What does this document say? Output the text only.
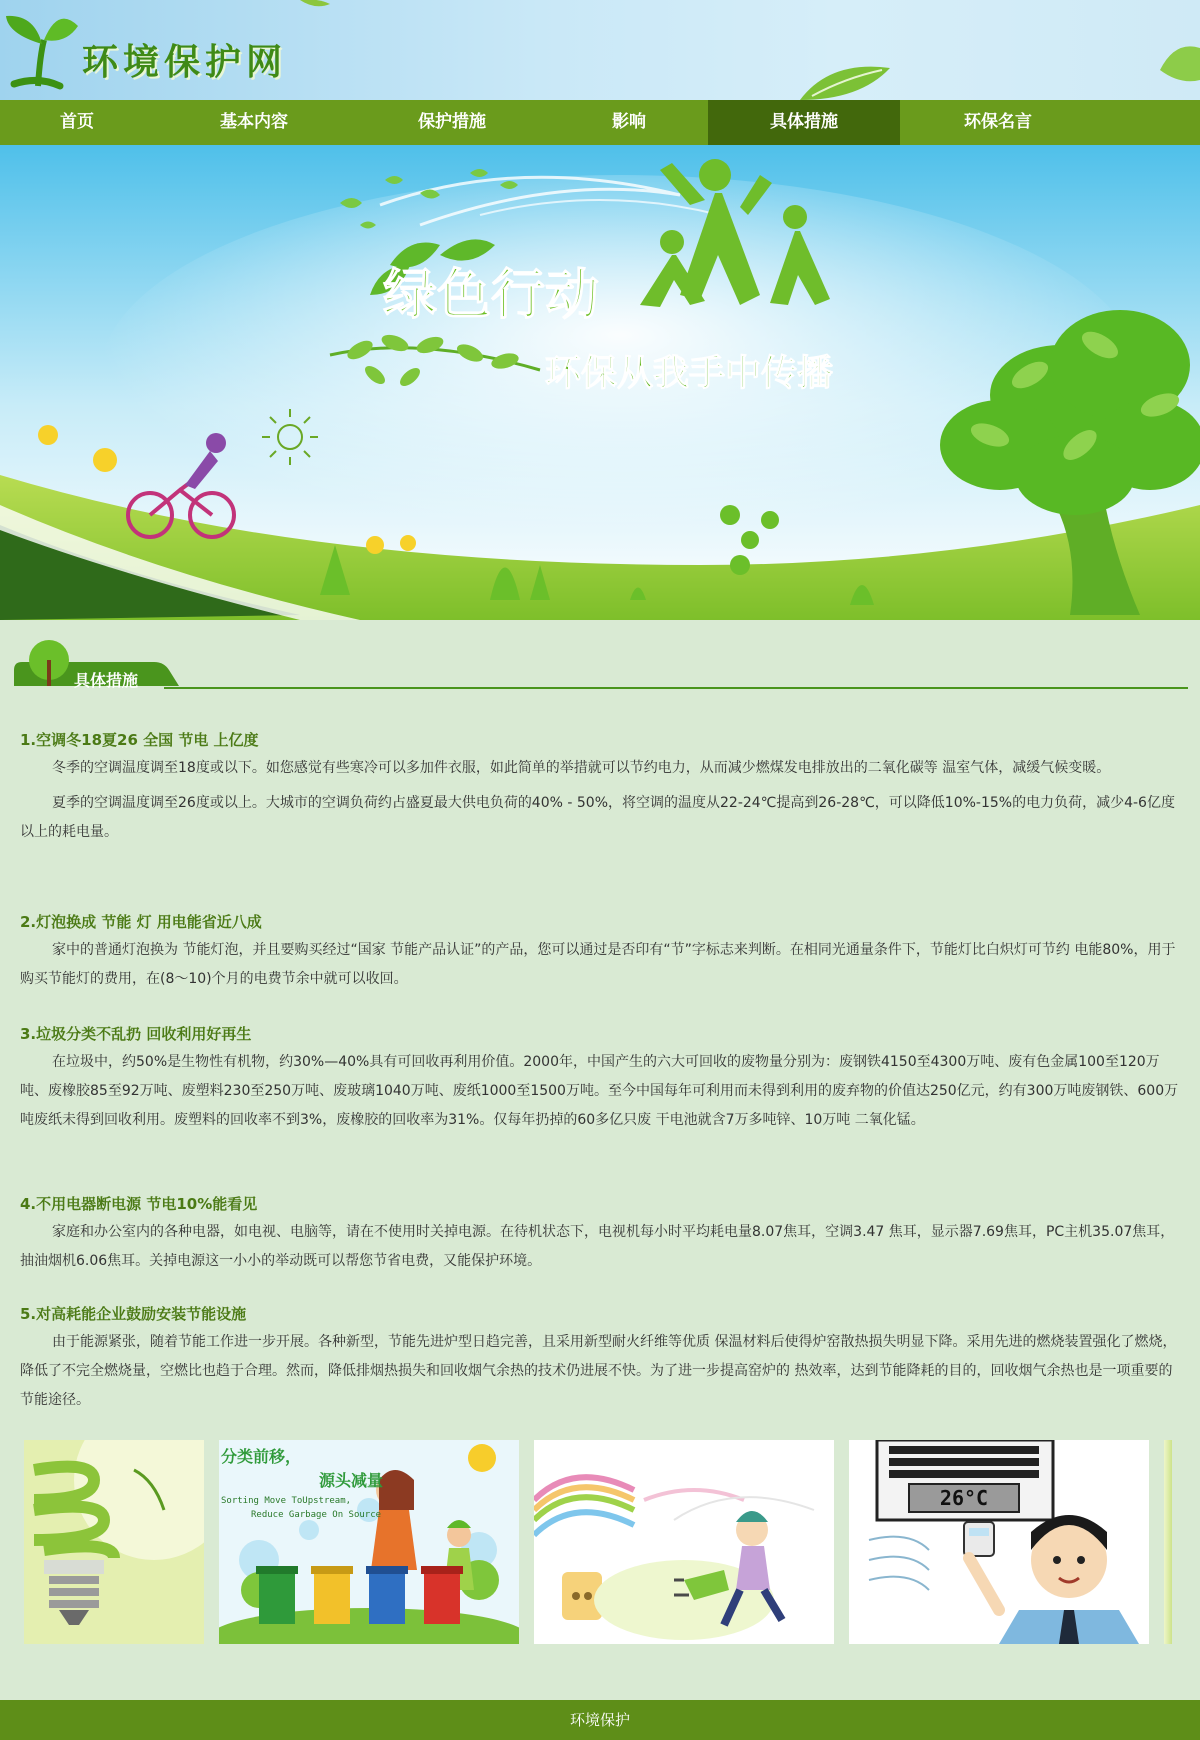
环境保护网
首页	基本内容	保护措施	影响	具体措施	环保名言
绿色行动
环保从我手中传播
具体措施
1.空调冬18夏26 全国 节电 上亿度

冬季的空调温度调至18度或以下。如您感觉有些寒冷可以多加件衣服，如此简单的举措就可以节约电力，从而减少燃煤发电排放出的二氧化碳等 温室气体，减缓气候变暖。

夏季的空调温度调至26度或以上。大城市的空调负荷约占盛夏最大供电负荷的40% - 50%，将空调的温度从22-24℃提高到26-28℃，可以降低10%-15%的电力负荷，减少4-6亿度以上的耗电量。

2.灯泡换成 节能 灯 用电能省近八成

家中的普通灯泡换为 节能灯泡，并且要购买经过“国家 节能产品认证”的产品，您可以通过是否印有“节”字标志来判断。在相同光通量条件下，节能灯比白炽灯可节约 电能80%，用于购买节能灯的费用，在(8～10)个月的电费节余中就可以收回。

3.垃圾分类不乱扔 回收利用好再生

在垃圾中，约50%是生物性有机物，约30%—40%具有可回收再利用价值。2000年，中国产生的六大可回收的废物量分别为：废钢铁4150至4300万吨、废有色金属100至120万吨、废橡胶85至92万吨、废塑料230至250万吨、废玻璃1040万吨、废纸1000至1500万吨。至今中国每年可利用而未得到利用的废弃物的价值达250亿元，约有300万吨废钢铁、600万吨废纸未得到回收利用。废塑料的回收率不到3%，废橡胶的回收率为31%。仅每年扔掉的60多亿只废 干电池就含7万多吨锌、10万吨 二氧化锰。

4.不用电器断电源 节电10%能看见

家庭和办公室内的各种电器，如电视、电脑等，请在不使用时关掉电源。在待机状态下，电视机每小时平均耗电量8.07焦耳，空调3.47 焦耳，显示器7.69焦耳，PC主机35.07焦耳，抽油烟机6.06焦耳。关掉电源这一小小的举动既可以帮您节省电费，又能保护环境。

5.对高耗能企业鼓励安装节能设施

由于能源紧张，随着节能工作进一步开展。各种新型，节能先进炉型日趋完善，且采用新型耐火纤维等优质 保温材料后使得炉窑散热损失明显下降。采用先进的燃烧装置强化了燃烧，降低了不完全燃烧量，空燃比也趋于合理。然而，降低排烟热损失和回收烟气余热的技术仍进展不快。为了进一步提高窑炉的 热效率，达到节能降耗的目的，回收烟气余热也是一项重要的节能途径。

分类前移，
源头减量
Sorting Move ToUpstream,
Reduce Garbage On Source
26°C
环境保护
